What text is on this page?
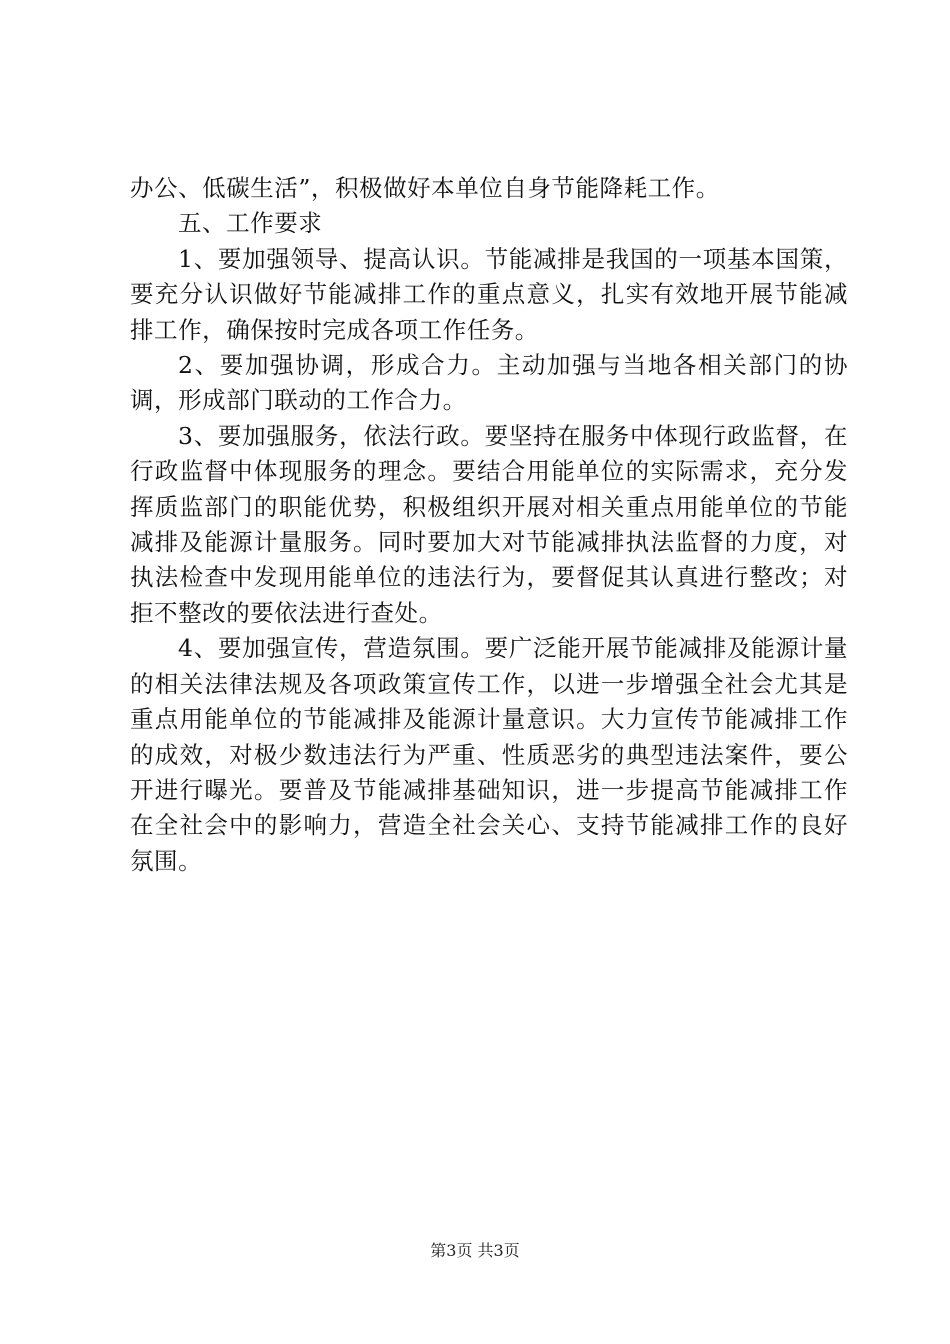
办公、低碳生活”，积极做好本单位自身节能降耗工作。

五、工作要求

1、要加强领导、提高认识。节能减排是我国的一项基本国策，要充分认识做好节能减排工作的重点意义，扎实有效地开展节能减排工作，确保按时完成各项工作任务。

2、要加强协调，形成合力。主动加强与当地各相关部门的协调，形成部门联动的工作合力。

3、要加强服务，依法行政。要坚持在服务中体现行政监督，在行政监督中体现服务的理念。要结合用能单位的实际需求，充分发挥质监部门的职能优势，积极组织开展对相关重点用能单位的节能减排及能源计量服务。同时要加大对节能减排执法监督的力度，对执法检查中发现用能单位的违法行为，要督促其认真进行整改；对拒不整改的要依法进行查处。

4、要加强宣传，营造氛围。要广泛能开展节能减排及能源计量的相关法律法规及各项政策宣传工作，以进一步增强全社会尤其是重点用能单位的节能减排及能源计量意识。大力宣传节能减排工作的成效，对极少数违法行为严重、性质恶劣的典型违法案件，要公开进行曝光。要普及节能减排基础知识，进一步提高节能减排工作在全社会中的影响力，营造全社会关心、支持节能减排工作的良好氛围。

第3页 共3页
